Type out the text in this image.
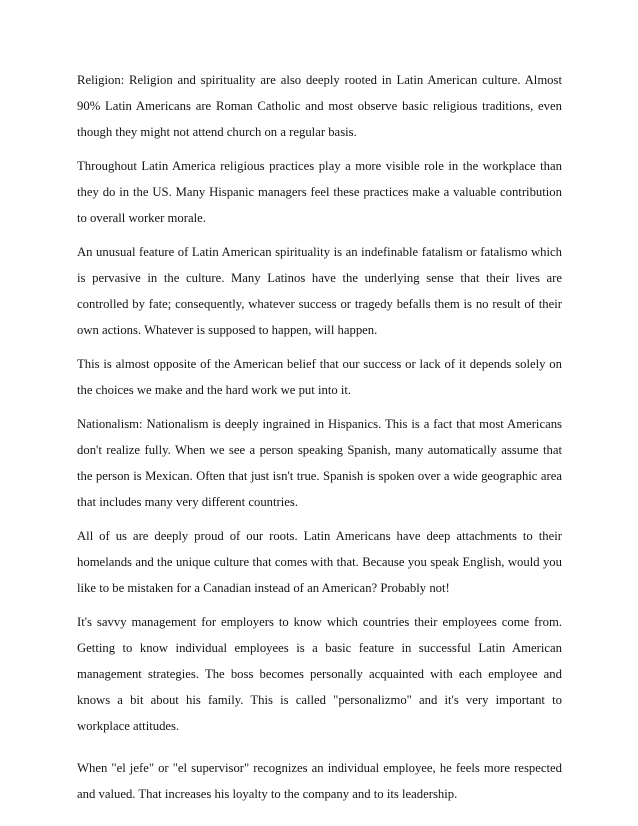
Religion: Religion and spirituality are also deeply rooted in Latin American culture. Almost 90% Latin Americans are Roman Catholic and most observe basic religious traditions, even though they might not attend church on a regular basis.

Throughout Latin America religious practices play a more visible role in the workplace than they do in the US. Many Hispanic managers feel these practices make a valuable contribution to overall worker morale.

An unusual feature of Latin American spirituality is an indefinable fatalism or fatalismo which is pervasive in the culture. Many Latinos have the underlying sense that their lives are controlled by fate; consequently, whatever success or tragedy befalls them is no result of their own actions. Whatever is supposed to happen, will happen.

This is almost opposite of the American belief that our success or lack of it depends solely on the choices we make and the hard work we put into it.

Nationalism: Nationalism is deeply ingrained in Hispanics. This is a fact that most Americans don't realize fully. When we see a person speaking Spanish, many automatically assume that the person is Mexican. Often that just isn't true. Spanish is spoken over a wide geographic area that includes many very different countries.

All of us are deeply proud of our roots. Latin Americans have deep attachments to their homelands and the unique culture that comes with that. Because you speak English, would you like to be mistaken for a Canadian instead of an American? Probably not!

It's savvy management for employers to know which countries their employees come from. Getting to know individual employees is a basic feature in successful Latin American management strategies. The boss becomes personally acquainted with each employee and knows a bit about his family. This is called "personalizmo" and it's very important to workplace attitudes.

When "el jefe" or "el supervisor" recognizes an individual employee, he feels more respected and valued. That increases his loyalty to the company and to its leadership.
